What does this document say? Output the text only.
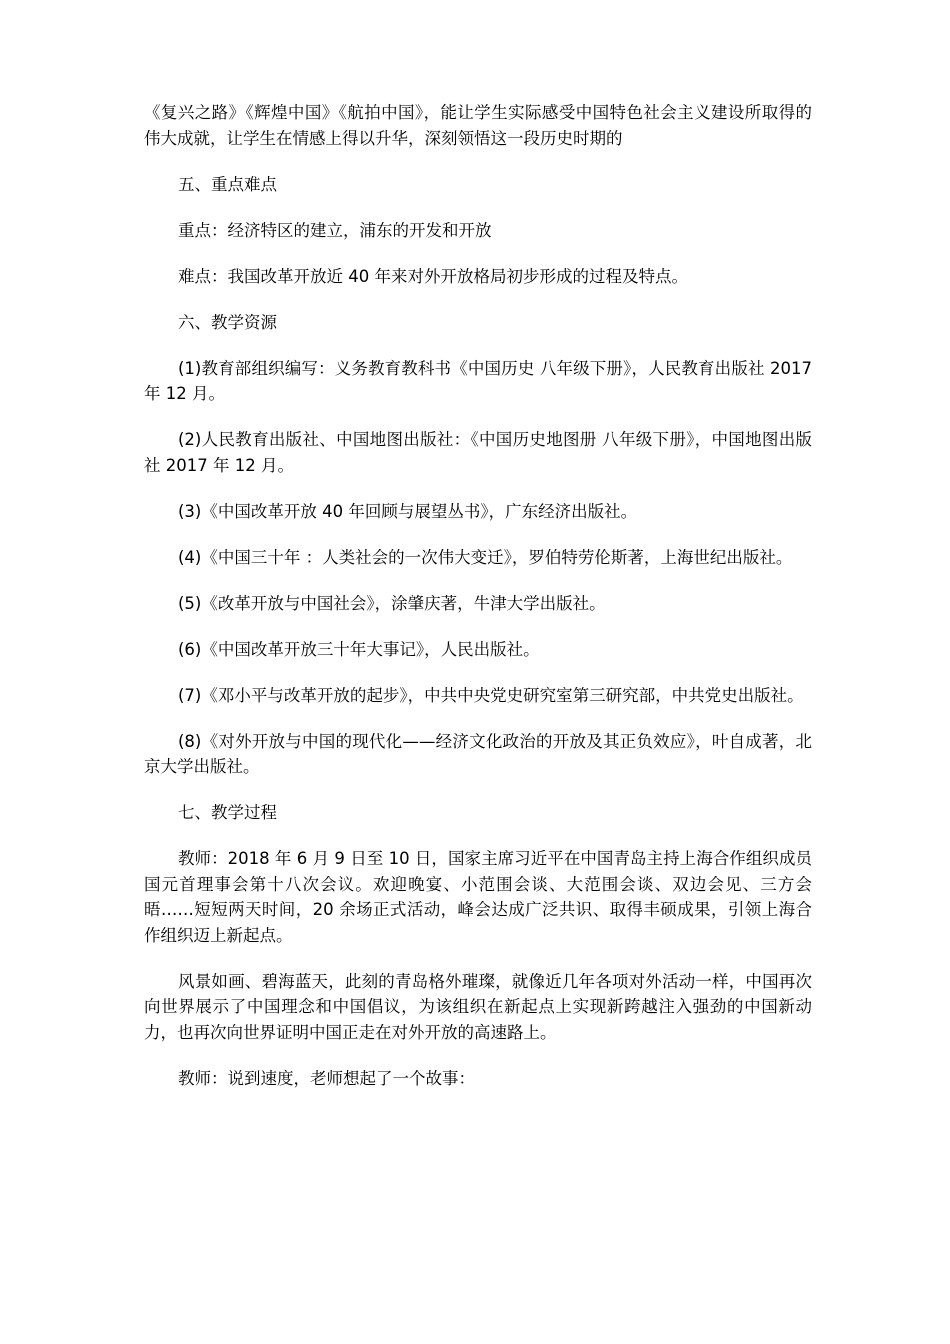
《复兴之路》《辉煌中国》《航拍中国》，能让学生实际感受中国特色社会主义建设所取得的伟大成就，让学生在情感上得以升华，深刻领悟这一段历史时期的

五、重点难点

重点：经济特区的建立，浦东的开发和开放

难点：我国改革开放近 40 年来对外开放格局初步形成的过程及特点。

六、教学资源

(1)教育部组织编写：义务教育教科书《中国历史 八年级下册》，人民教育出版社 2017 年 12 月。

(2)人民教育出版社、中国地图出版社：《中国历史地图册 八年级下册》，中国地图出版社 2017 年 12 月。

(3)《中国改革开放 40 年回顾与展望丛书》，广东经济出版社。

(4)《中国三十年 ：人类社会的一次伟大变迁》，罗伯特劳伦斯著，上海世纪出版社。

(5)《改革开放与中国社会》，涂肇庆著，牛津大学出版社。

(6)《中国改革开放三十年大事记》，人民出版社。

(7)《邓小平与改革开放的起步》，中共中央党史研究室第三研究部，中共党史出版社。

(8)《对外开放与中国的现代化——经济文化政治的开放及其正负效应》，叶自成著，北京大学出版社。

七、教学过程

教师：2018 年 6 月 9 日至 10 日，国家主席习近平在中国青岛主持上海合作组织成员国元首理事会第十八次会议。欢迎晚宴、小范围会谈、大范围会谈、双边会见、三方会晤……短短两天时间，20 余场正式活动，峰会达成广泛共识、取得丰硕成果，引领上海合作组织迈上新起点。

风景如画、碧海蓝天，此刻的青岛格外璀璨，就像近几年各项对外活动一样，中国再次向世界展示了中国理念和中国倡议，为该组织在新起点上实现新跨越注入强劲的中国新动力，也再次向世界证明中国正走在对外开放的高速路上。

教师：说到速度，老师想起了一个故事：
